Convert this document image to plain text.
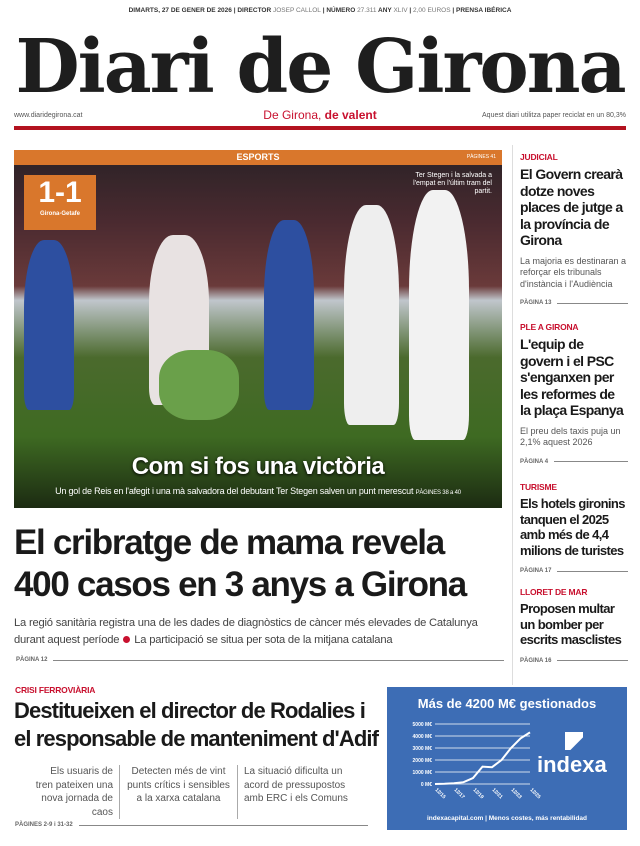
DIMARTS, 27 DE GENER DE 2026 | DIRECTOR JOSEP CALLOL | NÚMERO 27.311 ANY XLIV | 2,00 EUROS | PRENSA IBÉRICA
Diari de Girona
www.diaridegirona.cat	De Girona, de valent	Aquest diari utilitza paper reciclat en un 80,3%
ESPORTS	PÀGINES 41
1-1
Girona-Getafe
Ter Stegen i la salvada a l'empat en l'últim tram del partit.
Com si fos una victòria
Un gol de Reis en l'afegit i una mà salvadora del debutant Ter Stegen salven un punt merescut PÀGINES 38 a 40
El cribratge de mama revela 400 casos en 3 anys a Girona
La regió sanitària registra una de les dades de diagnòstics de càncer més elevades de Catalunya durant aquest període La participació se situa per sota de la mitjana catalana
PÀGINA 12
JUDICIAL
El Govern crearà dotze noves places de jutge a la província de Girona
La majoria es destinaran a reforçar els tribunals d'instància i l'Audiència
PÀGINA 13
PLE A GIRONA
L'equip de govern i el PSC s'enganxen per les reformes de la plaça Espanya
El preu dels taxis puja un 2,1% aquest 2026
PÀGINA 4
TURISME
Els hotels gironins tanquen el 2025 amb més de 4,4 milions de turistes
PÀGINA 17
LLORET DE MAR
Proposen multar un bomber per escrits masclistes
PÀGINA 16
CRISI FERROVIÀRIA
Destitueixen el director de Rodalies i el responsable de manteniment d'Adif
Els usuaris de tren pateixen una nova jornada de caos
Detecten més de vint punts crítics i sensibles a la xarxa catalana
La situació dificulta un acord de pressupostos amb ERC i els Comuns
PÀGINES 2-9 i 31-32
Más de 4200 M€ gestionados
0 M€
1000 M€
2000 M€
3000 M€
4000 M€
5000 M€
12/15 12/17 12/19 12/21 12/23 12/25
indexa
indexacapital.com | Menos costes, más rentabilidad
